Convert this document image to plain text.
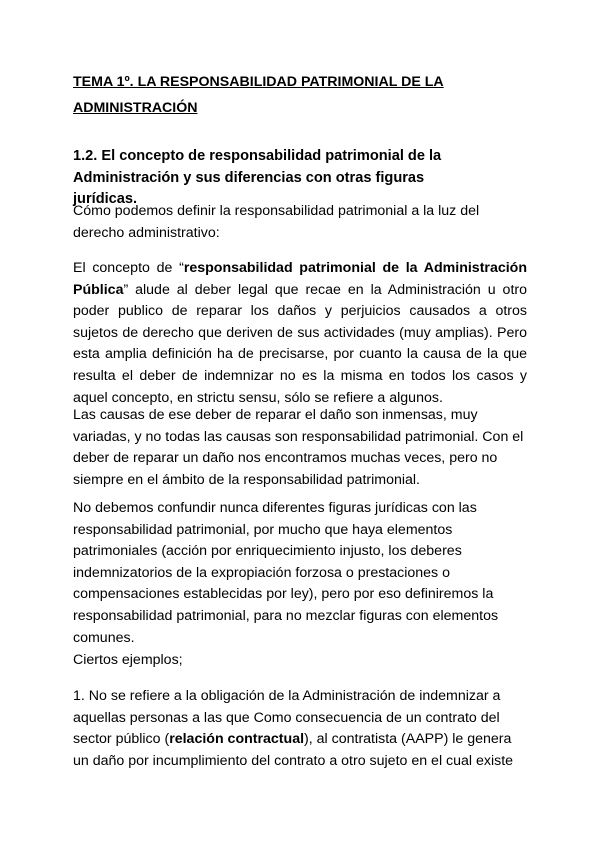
TEMA 1º. LA RESPONSABILIDAD PATRIMONIAL DE LA
ADMINISTRACIÓN
1.2. El concepto de responsabilidad patrimonial de la Administración y sus diferencias con otras figuras jurídicas.

Cómo podemos definir la responsabilidad patrimonial a la luz del derecho administrativo:

El concepto de “responsabilidad patrimonial de la Administración Pública” alude al deber legal que recae en la Administración u otro poder publico de reparar los daños y perjuicios causados a otros sujetos de derecho que deriven de sus actividades (muy amplias). Pero esta amplia definición ha de precisarse, por cuanto la causa de la que resulta el deber de indemnizar no es la misma en todos los casos y aquel concepto, en strictu sensu, sólo se refiere a algunos.

Las causas de ese deber de reparar el daño son inmensas, muy variadas, y no todas las causas son responsabilidad patrimonial. Con el deber de reparar un daño nos encontramos muchas veces, pero no siempre en el ámbito de la responsabilidad patrimonial.

No debemos confundir nunca diferentes figuras jurídicas con las responsabilidad patrimonial, por mucho que haya elementos patrimoniales (acción por enriquecimiento injusto, los deberes indemnizatorios de la expropiación forzosa o prestaciones o compensaciones establecidas por ley), pero por eso definiremos la responsabilidad patrimonial, para no mezclar figuras con elementos comunes.

Ciertos ejemplos;

1. No se refiere a la obligación de la Administración de indemnizar a aquellas personas a las que Como consecuencia de un contrato del sector público (relación contractual), al contratista (AAPP) le genera un daño por incumplimiento del contrato a otro sujeto en el cual existe
